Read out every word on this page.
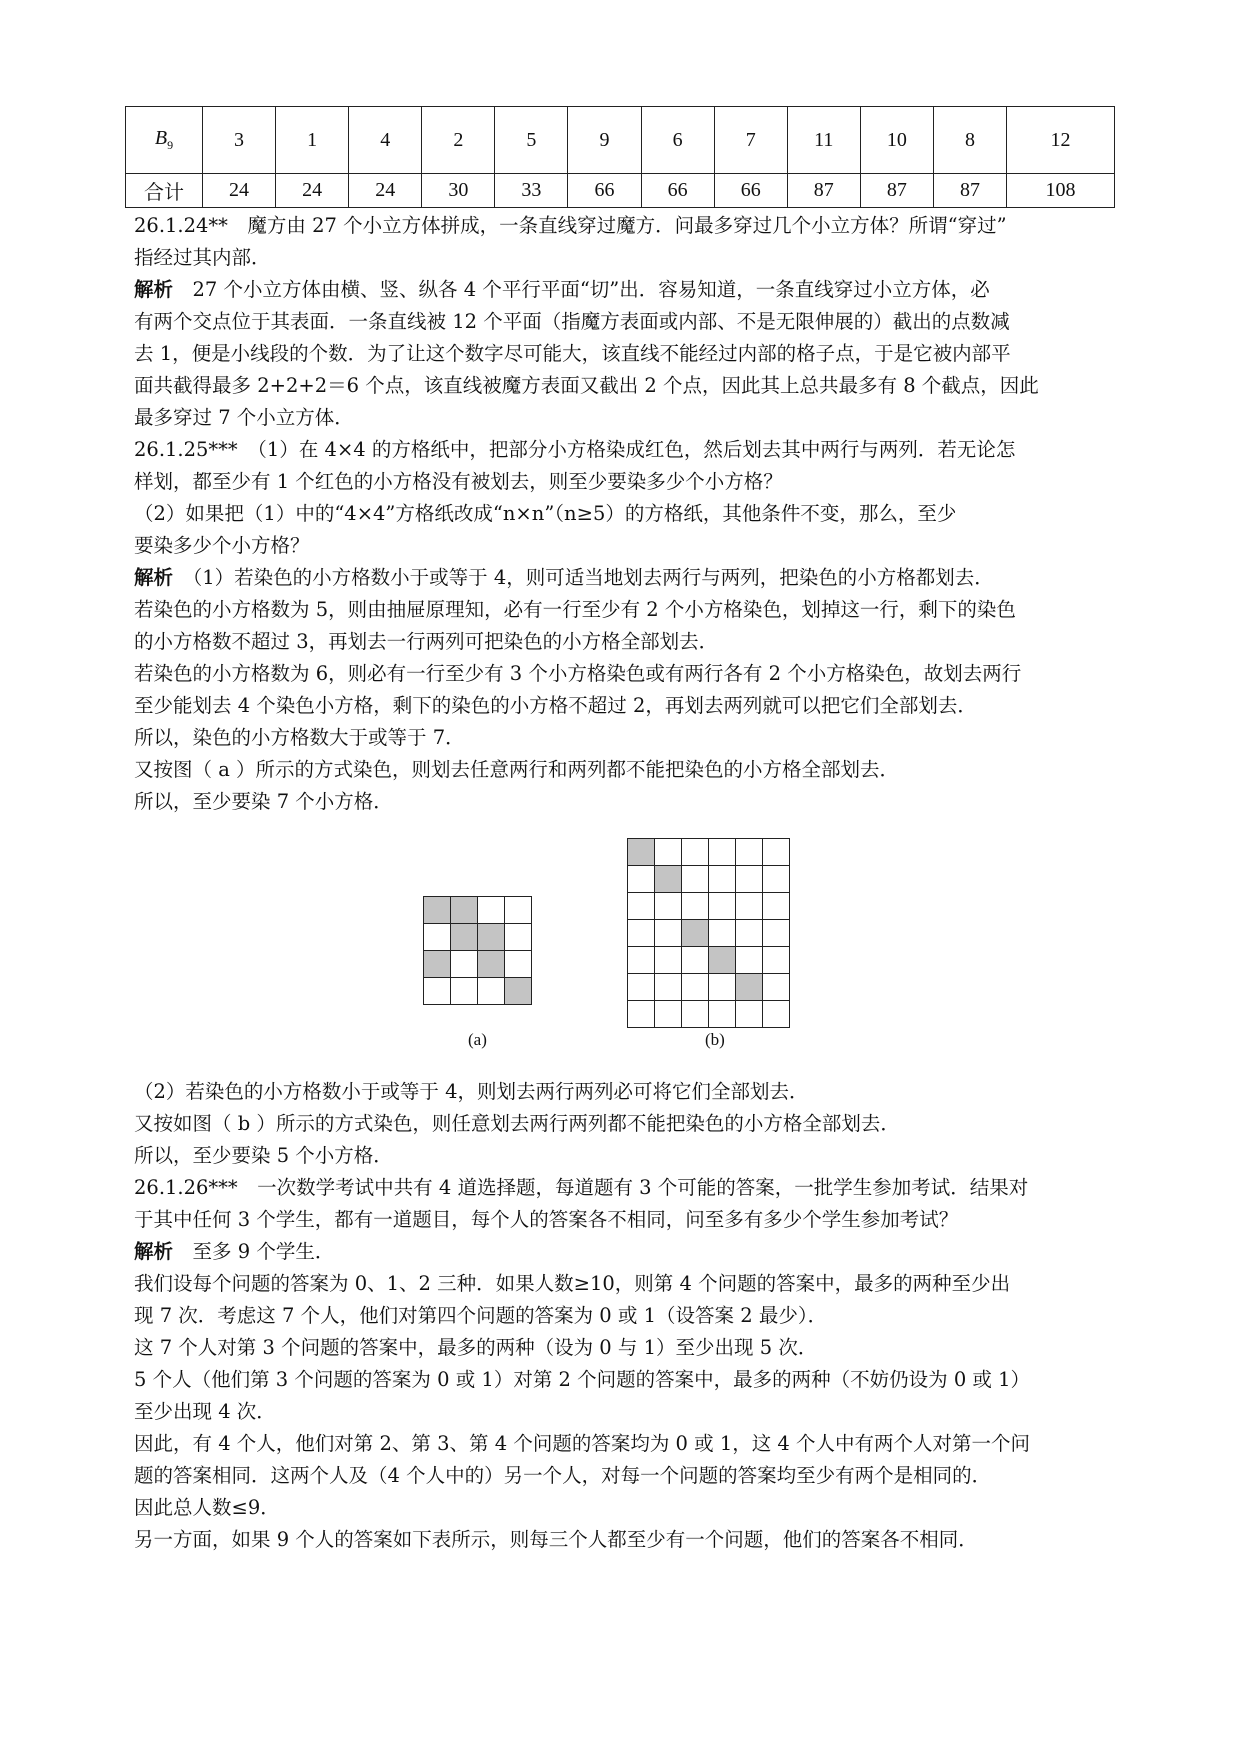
$B_9$	3	1	4	2	5	9	6	7	11	10	8	12
合计	24	24	24	30	33	66	66	66	87	87	87	108

26.1.24**　魔方由 27 个小立方体拼成，一条直线穿过魔方．问最多穿过几个小立方体？所谓“穿过”

指经过其内部．

解析　27 个小立方体由横、竖、纵各 4 个平行平面“切”出．容易知道，一条直线穿过小立方体，必

有两个交点位于其表面．一条直线被 12 个平面（指魔方表面或内部、不是无限伸展的）截出的点数减

去 1，便是小线段的个数．为了让这个数字尽可能大，该直线不能经过内部的格子点，于是它被内部平

面共截得最多 2+2+2＝6 个点，该直线被魔方表面又截出 2 个点，因此其上总共最多有 8 个截点，因此

最多穿过 7 个小立方体．

26.1.25***　（1）在 4×4 的方格纸中，把部分小方格染成红色，然后划去其中两行与两列．若无论怎

样划，都至少有 1 个红色的小方格没有被划去，则至少要染多少个小方格？

（2）如果把（1）中的“4×4”方格纸改成“n×n”（n≥5）的方格纸，其他条件不变，那么，至少

要染多少个小方格？

解析　（1）若染色的小方格数小于或等于 4，则可适当地划去两行与两列，把染色的小方格都划去．

若染色的小方格数为 5，则由抽屉原理知，必有一行至少有 2 个小方格染色，划掉这一行，剩下的染色

的小方格数不超过 3，再划去一行两列可把染色的小方格全部划去．

若染色的小方格数为 6，则必有一行至少有 3 个小方格染色或有两行各有 2 个小方格染色，故划去两行

至少能划去 4 个染色小方格，剩下的染色的小方格不超过 2，再划去两列就可以把它们全部划去．

所以，染色的小方格数大于或等于 7．

又按图（ a ）所示的方式染色，则划去任意两行和两列都不能把染色的小方格全部划去．

所以，至少要染 7 个小方格．

(a)

						(b)

（2）若染色的小方格数小于或等于 4，则划去两行两列必可将它们全部划去．

又按如图（ b ）所示的方式染色，则任意划去两行两列都不能把染色的小方格全部划去．

所以，至少要染 5 个小方格．

26.1.26***　一次数学考试中共有 4 道选择题，每道题有 3 个可能的答案，一批学生参加考试．结果对

于其中任何 3 个学生，都有一道题目，每个人的答案各不相同，问至多有多少个学生参加考试？

解析　至多 9 个学生．

我们设每个问题的答案为 0、1、2 三种．如果人数≥10，则第 4 个问题的答案中，最多的两种至少出

现 7 次．考虑这 7 个人，他们对第四个问题的答案为 0 或 1（设答案 2 最少）．

这 7 个人对第 3 个问题的答案中，最多的两种（设为 0 与 1）至少出现 5 次．

5 个人（他们第 3 个问题的答案为 0 或 1）对第 2 个问题的答案中，最多的两种（不妨仍设为 0 或 1）

至少出现 4 次．

因此，有 4 个人，他们对第 2、第 3、第 4 个问题的答案均为 0 或 1，这 4 个人中有两个人对第一个问

题的答案相同．这两个人及（4 个人中的）另一个人，对每一个问题的答案均至少有两个是相同的．

因此总人数≤9．

另一方面，如果 9 个人的答案如下表所示，则每三个人都至少有一个问题，他们的答案各不相同．
